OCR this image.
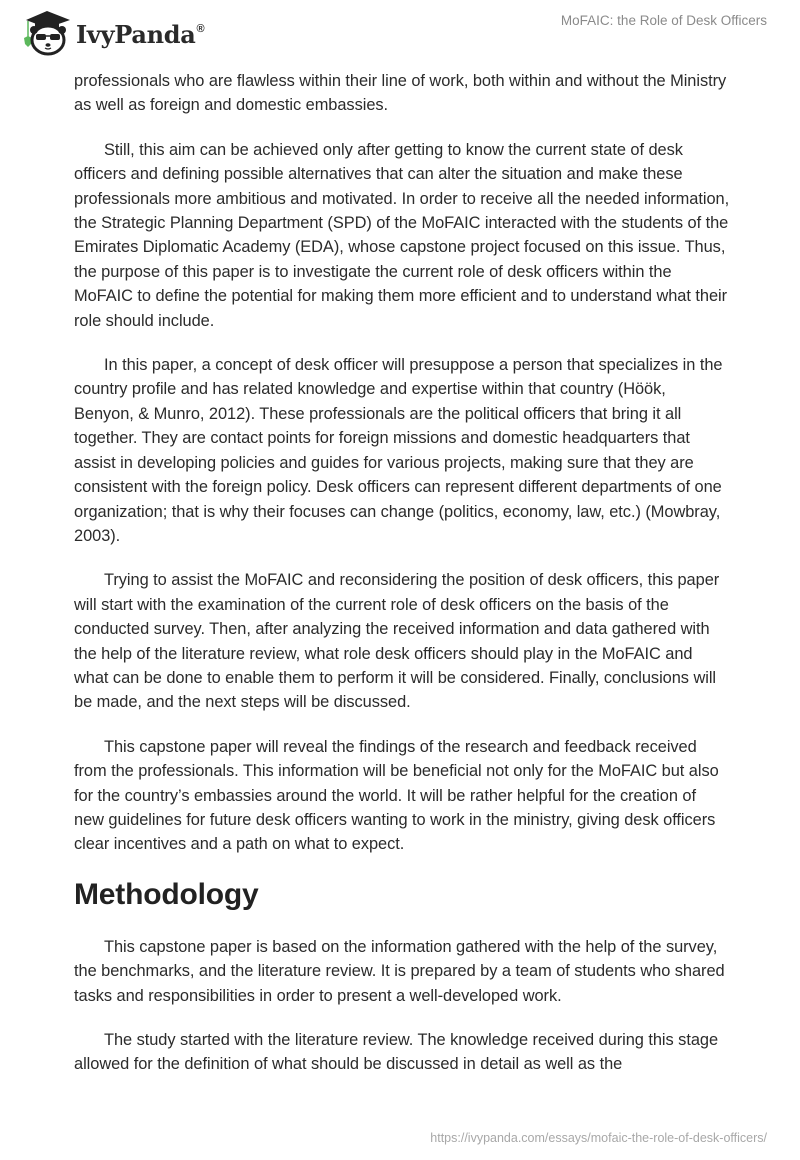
IvyPanda®
MoFAIC: the Role of Desk Officers

professionals who are flawless within their line of work, both within and without the Ministry as well as foreign and domestic embassies.

Still, this aim can be achieved only after getting to know the current state of desk officers and defining possible alternatives that can alter the situation and make these professionals more ambitious and motivated. In order to receive all the needed information, the Strategic Planning Department (SPD) of the MoFAIC interacted with the students of the Emirates Diplomatic Academy (EDA), whose capstone project focused on this issue. Thus, the purpose of this paper is to investigate the current role of desk officers within the MoFAIC to define the potential for making them more efficient and to understand what their role should include.

In this paper, a concept of desk officer will presuppose a person that specializes in the country profile and has related knowledge and expertise within that country (Höök, Benyon, & Munro, 2012). These professionals are the political officers that bring it all together. They are contact points for foreign missions and domestic headquarters that assist in developing policies and guides for various projects, making sure that they are consistent with the foreign policy. Desk officers can represent different departments of one organization; that is why their focuses can change (politics, economy, law, etc.) (Mowbray, 2003).

Trying to assist the MoFAIC and reconsidering the position of desk officers, this paper will start with the examination of the current role of desk officers on the basis of the conducted survey. Then, after analyzing the received information and data gathered with the help of the literature review, what role desk officers should play in the MoFAIC and what can be done to enable them to perform it will be considered. Finally, conclusions will be made, and the next steps will be discussed.

This capstone paper will reveal the findings of the research and feedback received from the professionals. This information will be beneficial not only for the MoFAIC but also for the country’s embassies around the world. It will be rather helpful for the creation of new guidelines for future desk officers wanting to work in the ministry, giving desk officers clear incentives and a path on what to expect.

Methodology

This capstone paper is based on the information gathered with the help of the survey, the benchmarks, and the literature review. It is prepared by a team of students who shared tasks and responsibilities in order to present a well-developed work.

The study started with the literature review. The knowledge received during this stage allowed for the definition of what should be discussed in detail as well as the

https://ivypanda.com/essays/mofaic-the-role-of-desk-officers/
